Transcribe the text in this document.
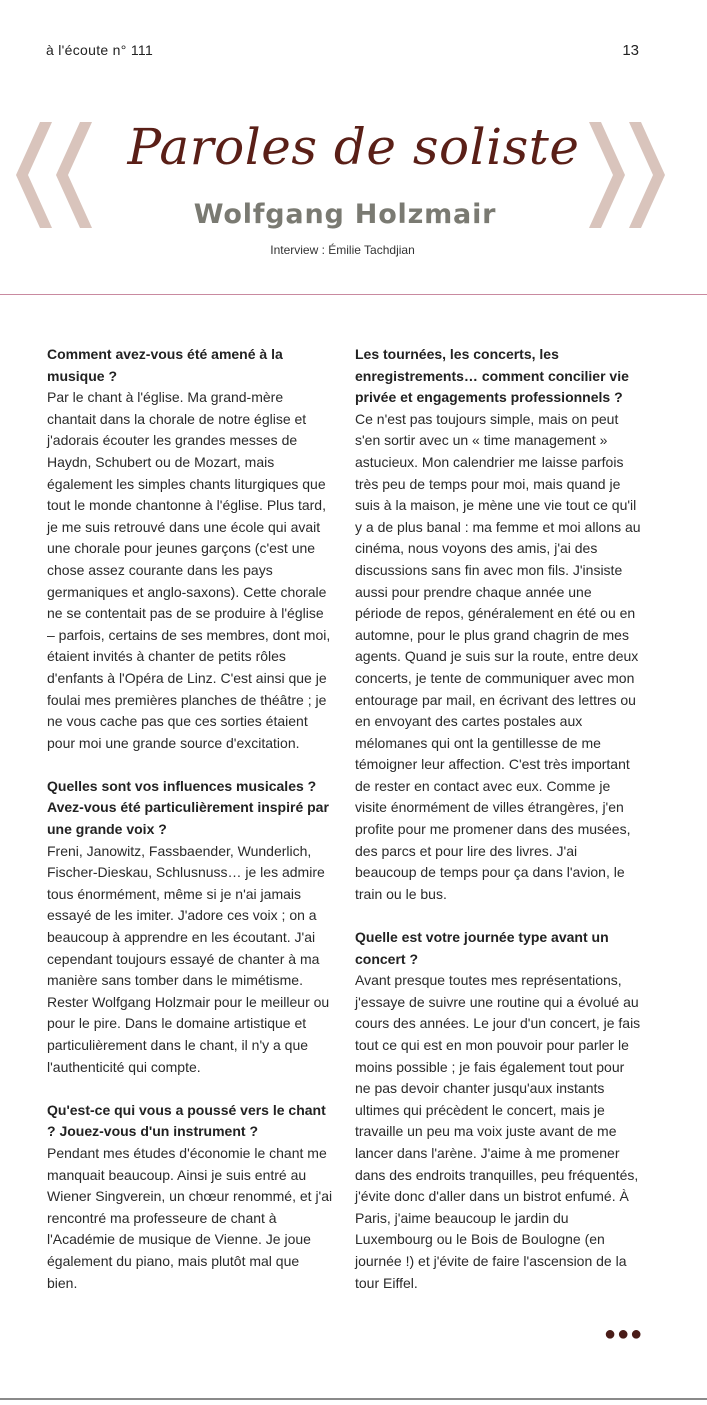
à l'écoute n° 111	13
Paroles de soliste
Wolfgang Holzmair
Interview : Émilie Tachdjian

Comment avez-vous été amené à la musique ?

Par le chant à l'église. Ma grand-mère chantait dans la chorale de notre église et j'adorais écouter les grandes messes de Haydn, Schubert ou de Mozart, mais également les simples chants liturgiques que tout le monde chantonne à l'église. Plus tard, je me suis retrouvé dans une école qui avait une chorale pour jeunes garçons (c'est une chose assez courante dans les pays germaniques et anglo-saxons). Cette chorale ne se contentait pas de se produire à l'église – parfois, certains de ses membres, dont moi, étaient invités à chanter de petits rôles d'enfants à l'Opéra de Linz. C'est ainsi que je foulai mes premières planches de théâtre ; je ne vous cache pas que ces sorties étaient pour moi une grande source d'excitation.

Quelles sont vos influences musicales ? Avez-vous été particulièrement inspiré par une grande voix ?

Freni, Janowitz, Fassbaender, Wunderlich, Fischer-Dieskau, Schlusnuss… je les admire tous énormément, même si je n'ai jamais essayé de les imiter. J'adore ces voix ; on a beaucoup à apprendre en les écoutant. J'ai cependant toujours essayé de chanter à ma manière sans tomber dans le mimétisme. Rester Wolfgang Holzmair pour le meilleur ou pour le pire. Dans le domaine artistique et particulièrement dans le chant, il n'y a que l'authenticité qui compte.

Qu'est-ce qui vous a poussé vers le chant ? Jouez-vous d'un instrument ?

Pendant mes études d'économie le chant me manquait beaucoup. Ainsi je suis entré au Wiener Singverein, un chœur renommé, et j'ai rencontré ma professeure de chant à l'Académie de musique de Vienne. Je joue également du piano, mais plutôt mal que bien.

Les tournées, les concerts, les enregistrements… comment concilier vie privée et engagements professionnels ?

Ce n'est pas toujours simple, mais on peut s'en sortir avec un « time management » astucieux. Mon calendrier me laisse parfois très peu de temps pour moi, mais quand je suis à la maison, je mène une vie tout ce qu'il y a de plus banal : ma femme et moi allons au cinéma, nous voyons des amis, j'ai des discussions sans fin avec mon fils. J'insiste aussi pour prendre chaque année une période de repos, généralement en été ou en automne, pour le plus grand chagrin de mes agents. Quand je suis sur la route, entre deux concerts, je tente de communiquer avec mon entourage par mail, en écrivant des lettres ou en envoyant des cartes postales aux mélomanes qui ont la gentillesse de me témoigner leur affection. C'est très important de rester en contact avec eux. Comme je visite énormément de villes étrangères, j'en profite pour me promener dans des musées, des parcs et pour lire des livres. J'ai beaucoup de temps pour ça dans l'avion, le train ou le bus.

Quelle est votre journée type avant un concert ?

Avant presque toutes mes représentations, j'essaye de suivre une routine qui a évolué au cours des années. Le jour d'un concert, je fais tout ce qui est en mon pouvoir pour parler le moins possible ; je fais également tout pour ne pas devoir chanter jusqu'aux instants ultimes qui précèdent le concert, mais je travaille un peu ma voix juste avant de me lancer dans l'arène. J'aime à me promener dans des endroits tranquilles, peu fréquentés, j'évite donc d'aller dans un bistrot enfumé. À Paris, j'aime beaucoup le jardin du Luxembourg ou le Bois de Boulogne (en journée !) et j'évite de faire l'ascension de la tour Eiffel.

●●●
